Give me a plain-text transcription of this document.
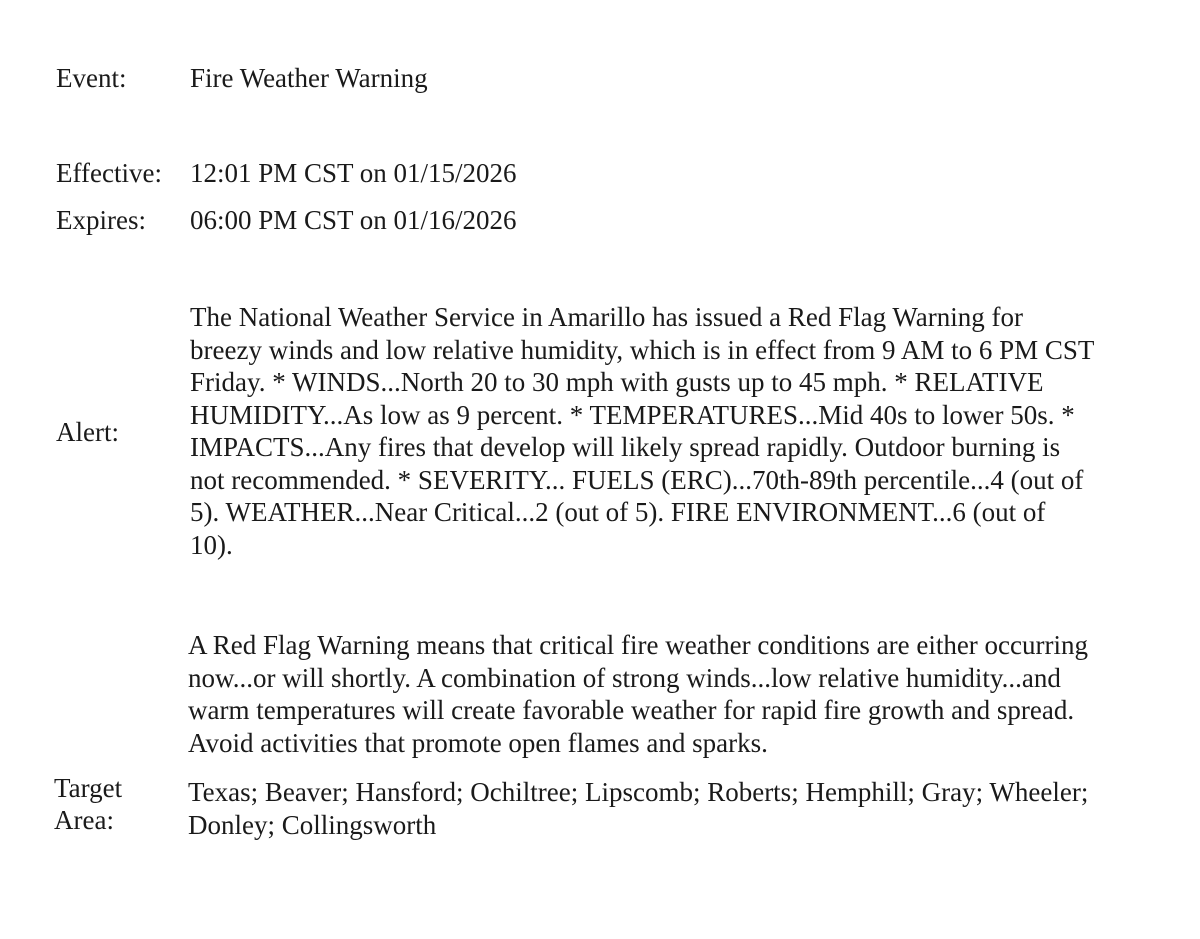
Event: Fire Weather Warning
Effective: 12:01 PM CST on 01/15/2026
Expires: 06:00 PM CST on 01/16/2026
Alert:
The National Weather Service in Amarillo has issued a Red Flag Warning for
breezy winds and low relative humidity, which is in effect from 9 AM to 6 PM CST
Friday. * WINDS...North 20 to 30 mph with gusts up to 45 mph. * RELATIVE
HUMIDITY...As low as 9 percent. * TEMPERATURES...Mid 40s to lower 50s. *
IMPACTS...Any fires that develop will likely spread rapidly. Outdoor burning is
not recommended. * SEVERITY... FUELS (ERC)...70th-89th percentile...4 (out of
5). WEATHER...Near Critical...2 (out of 5). FIRE ENVIRONMENT...6 (out of
10).
A Red Flag Warning means that critical fire weather conditions are either occurring
now...or will shortly. A combination of strong winds...low relative humidity...and
warm temperatures will create favorable weather for rapid fire growth and spread.
Avoid activities that promote open flames and sparks.
Target
Area:
Texas; Beaver; Hansford; Ochiltree; Lipscomb; Roberts; Hemphill; Gray; Wheeler;
Donley; Collingsworth
